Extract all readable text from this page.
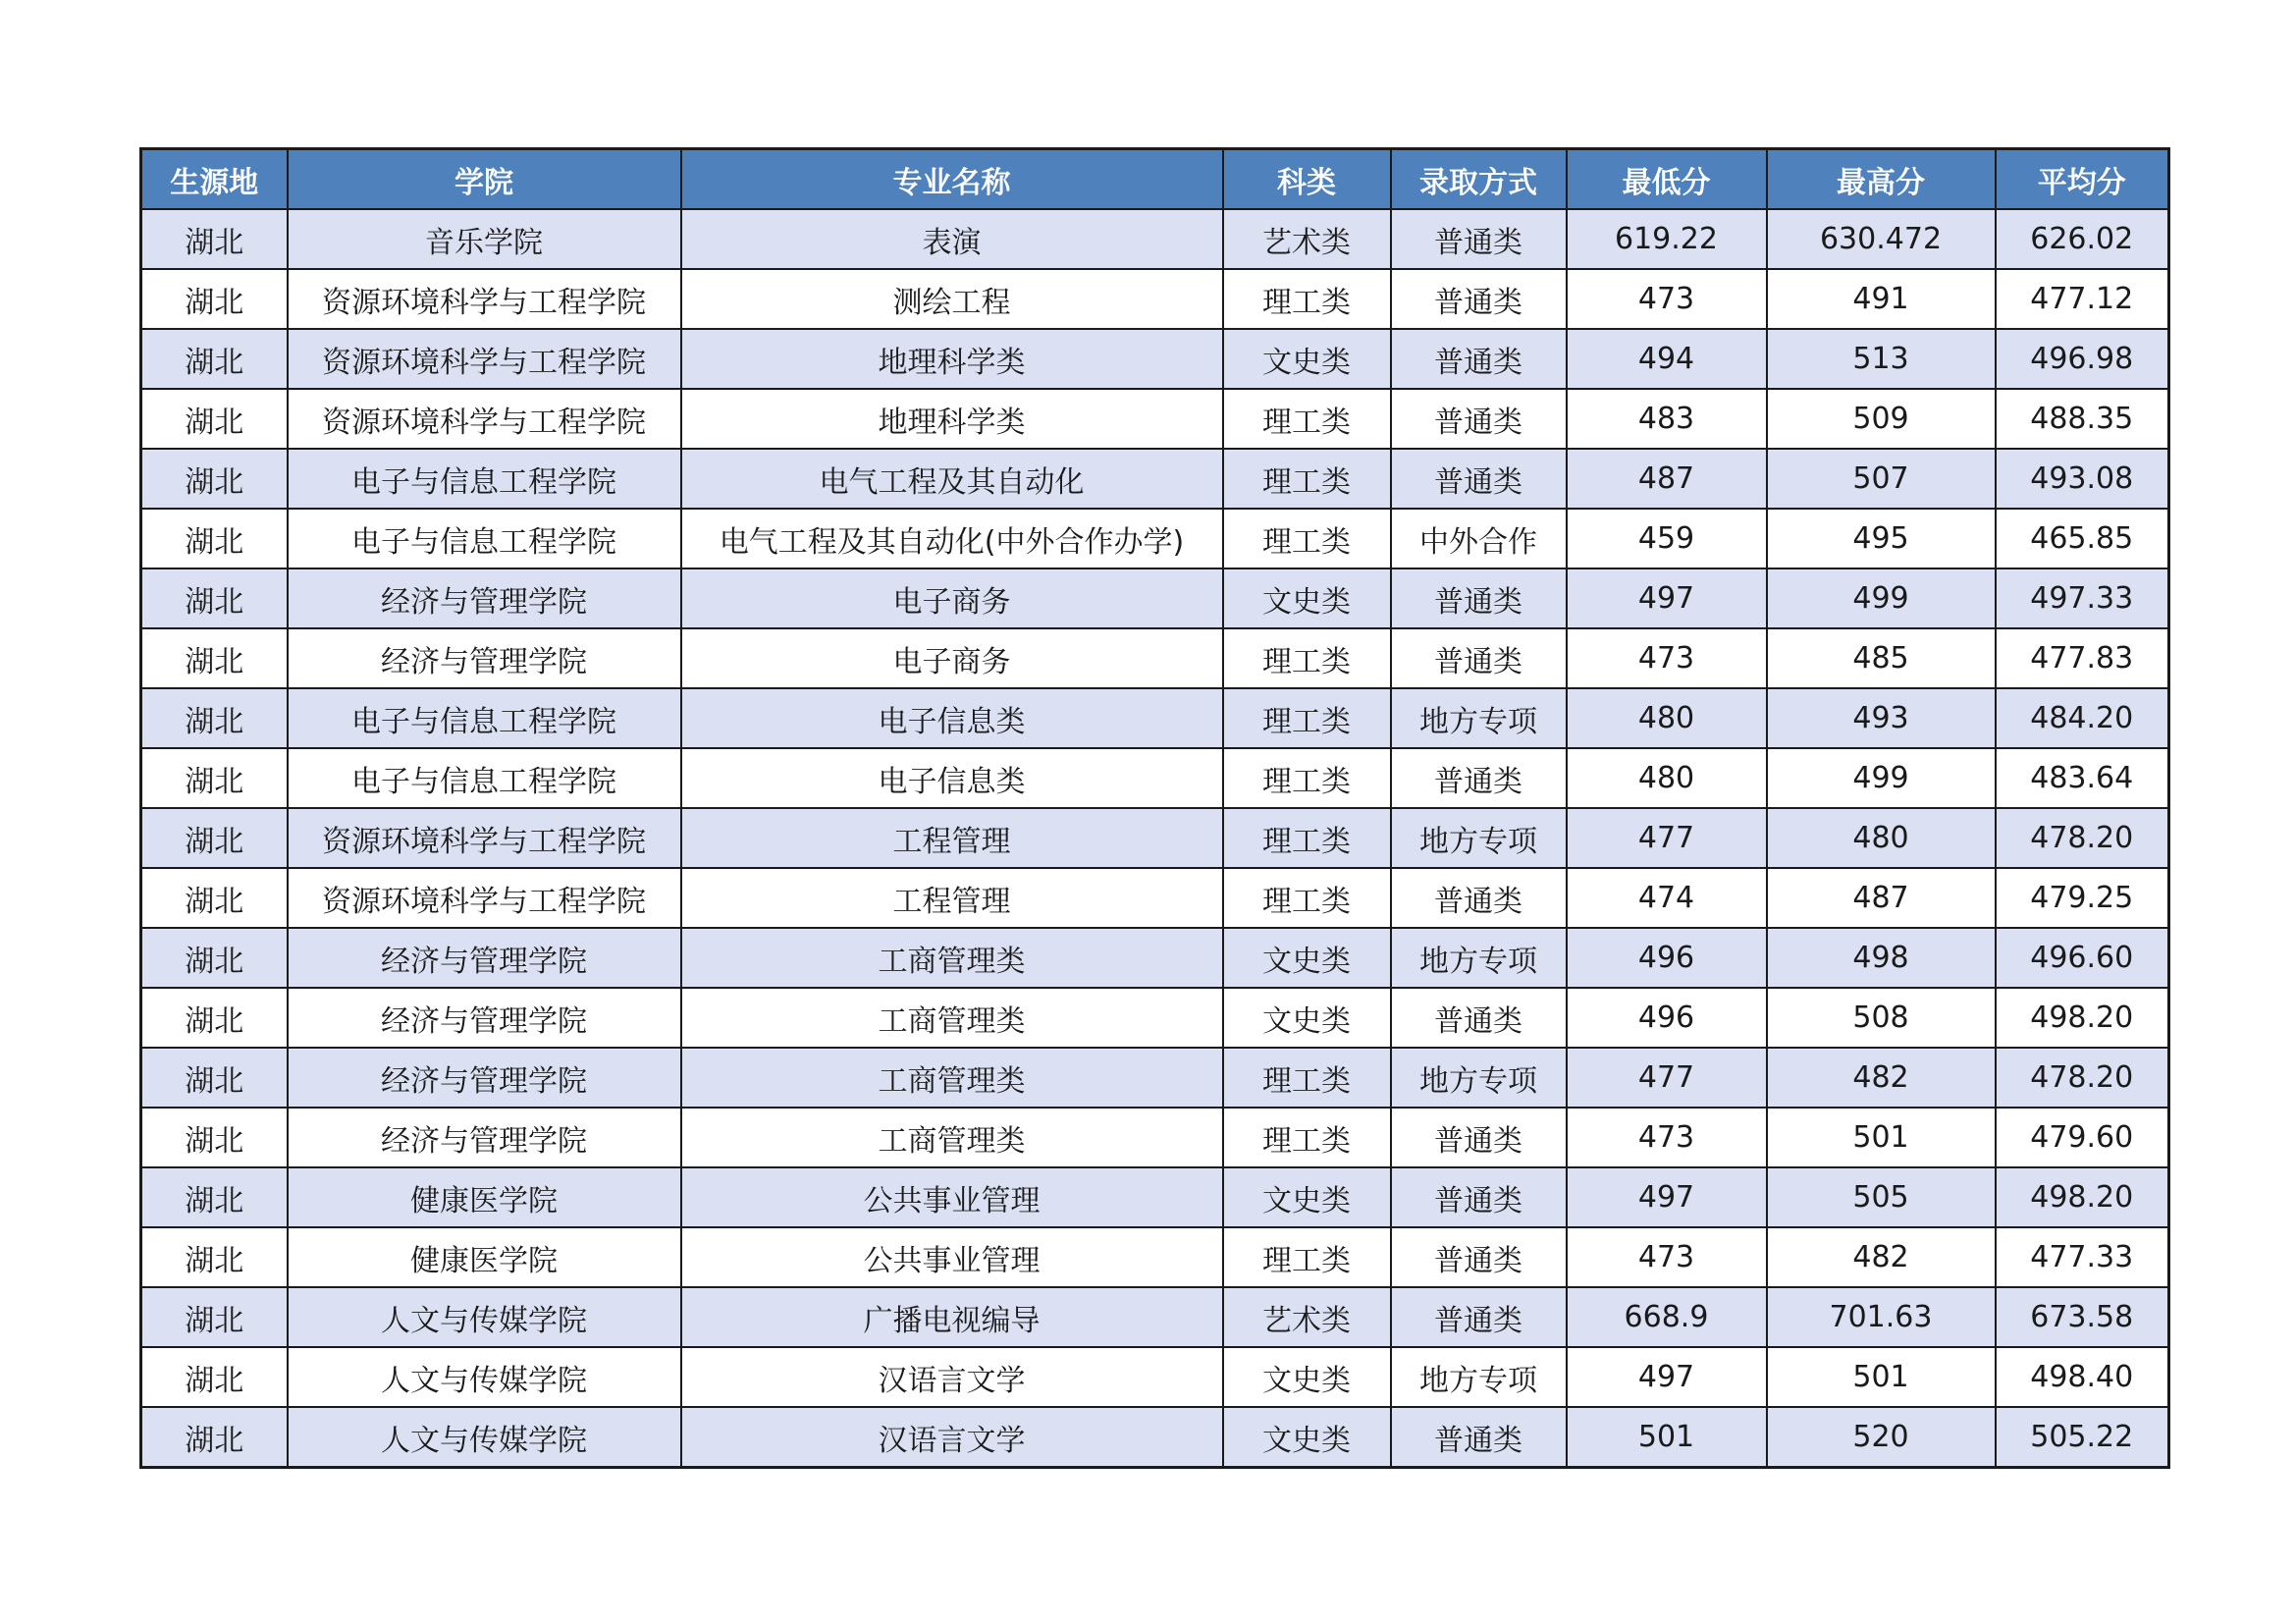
生源地	学院	专业名称	科类	录取方式	最低分	最高分	平均分
湖北	音乐学院	表演	艺术类	普通类	619.22	630.472	626.02
湖北	资源环境科学与工程学院	测绘工程	理工类	普通类	473	491	477.12
湖北	资源环境科学与工程学院	地理科学类	文史类	普通类	494	513	496.98
湖北	资源环境科学与工程学院	地理科学类	理工类	普通类	483	509	488.35
湖北	电子与信息工程学院	电气工程及其自动化	理工类	普通类	487	507	493.08
湖北	电子与信息工程学院	电气工程及其自动化(中外合作办学)	理工类	中外合作	459	495	465.85
湖北	经济与管理学院	电子商务	文史类	普通类	497	499	497.33
湖北	经济与管理学院	电子商务	理工类	普通类	473	485	477.83
湖北	电子与信息工程学院	电子信息类	理工类	地方专项	480	493	484.20
湖北	电子与信息工程学院	电子信息类	理工类	普通类	480	499	483.64
湖北	资源环境科学与工程学院	工程管理	理工类	地方专项	477	480	478.20
湖北	资源环境科学与工程学院	工程管理	理工类	普通类	474	487	479.25
湖北	经济与管理学院	工商管理类	文史类	地方专项	496	498	496.60
湖北	经济与管理学院	工商管理类	文史类	普通类	496	508	498.20
湖北	经济与管理学院	工商管理类	理工类	地方专项	477	482	478.20
湖北	经济与管理学院	工商管理类	理工类	普通类	473	501	479.60
湖北	健康医学院	公共事业管理	文史类	普通类	497	505	498.20
湖北	健康医学院	公共事业管理	理工类	普通类	473	482	477.33
湖北	人文与传媒学院	广播电视编导	艺术类	普通类	668.9	701.63	673.58
湖北	人文与传媒学院	汉语言文学	文史类	地方专项	497	501	498.40
湖北	人文与传媒学院	汉语言文学	文史类	普通类	501	520	505.22
